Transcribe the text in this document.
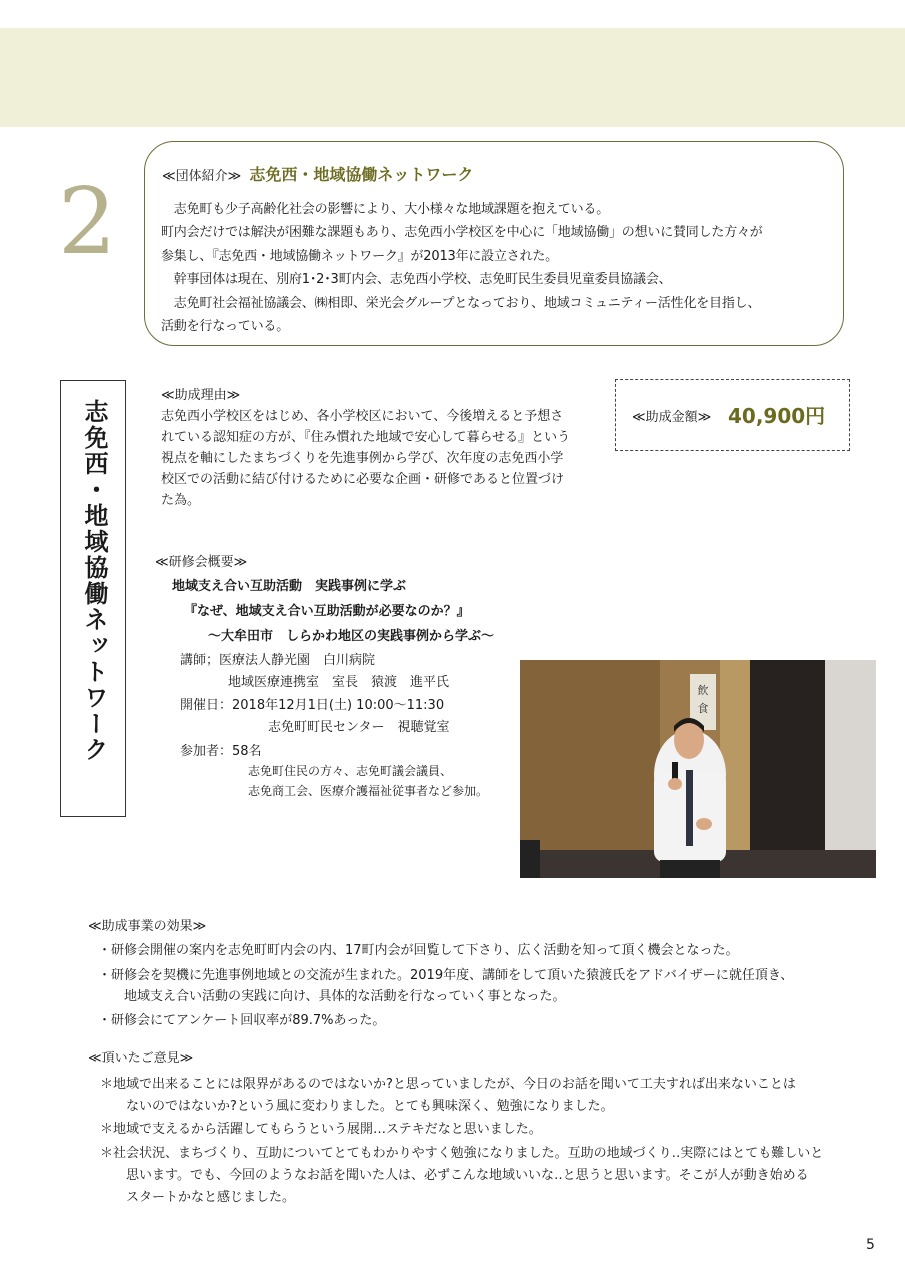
2	≪団体紹介≫ 志免西・地域協働ネットワーク
　志免町も少子高齢化社会の影響により、大小様々な地域課題を抱えている。
町内会だけでは解決が困難な課題もあり、志免西小学校区を中心に「地域協働」の想いに賛同した方々が
参集し、『志免西・地域協働ネットワーク』が2013年に設立された。
　幹事団体は現在、別府1･2･3町内会、志免西小学校、志免町民生委員児童委員協議会、
　志免町社会福祉協議会、㈱相即、栄光会グループとなっており、地域コミュニティー活性化を目指し、
活動を行なっている。
志免西・地域協働ネットワーク
≪助成理由≫
志免西小学校区をはじめ、各小学校区において、今後増えると予想さ
れている認知症の方が、『住み慣れた地域で安心して暮らせる』という
視点を軸にしたまちづくりを先進事例から学び、次年度の志免西小学
校区での活動に結び付けるために必要な企画・研修であると位置づけ
た為。
≪助成金額≫ 40,900円
≪研修会概要≫
地域支え合い互助活動　実践事例に学ぶ
『なぜ、地域支え合い互助活動が必要なのか？』
～大牟田市　しらかわ地区の実践事例から学ぶ～
講師；医療法人静光園　白川病院
地域医療連携室　室長　猿渡　進平氏
開催日：2018年12月1日(土) 10:00～11:30
志免町町民センター　視聴覚室
参加者：58名
志免町住民の方々、志免町議会議員、
志免商工会、医療介護福祉従事者など参加。
飲
食
≪助成事業の効果≫
・研修会開催の案内を志免町町内会の内、17町内会が回覧して下さり、広く活動を知って頂く機会となった。
・研修会を契機に先進事例地域との交流が生まれた。2019年度、講師をして頂いた猿渡氏をアドバイザーに就任頂き、
　　地域支え合い活動の実践に向け、具体的な活動を行なっていく事となった。
・研修会にてアンケート回収率が89.7%あった。
≪頂いたご意見≫
＊地域で出来ることには限界があるのではないか?と思っていましたが、今日のお話を聞いて工夫すれば出来ないことは
　　ないのではないか?という風に変わりました。とても興味深く、勉強になりました。
＊地域で支えるから活躍してもらうという展開…ステキだなと思いました。
＊社会状況、まちづくり、互助についてとてもわかりやすく勉強になりました。互助の地域づくり‥実際にはとても難しいと
　　思います。でも、今回のようなお話を聞いた人は、必ずこんな地域いいな‥と思うと思います。そこが人が動き始める
　　スタートかなと感じました。
5
